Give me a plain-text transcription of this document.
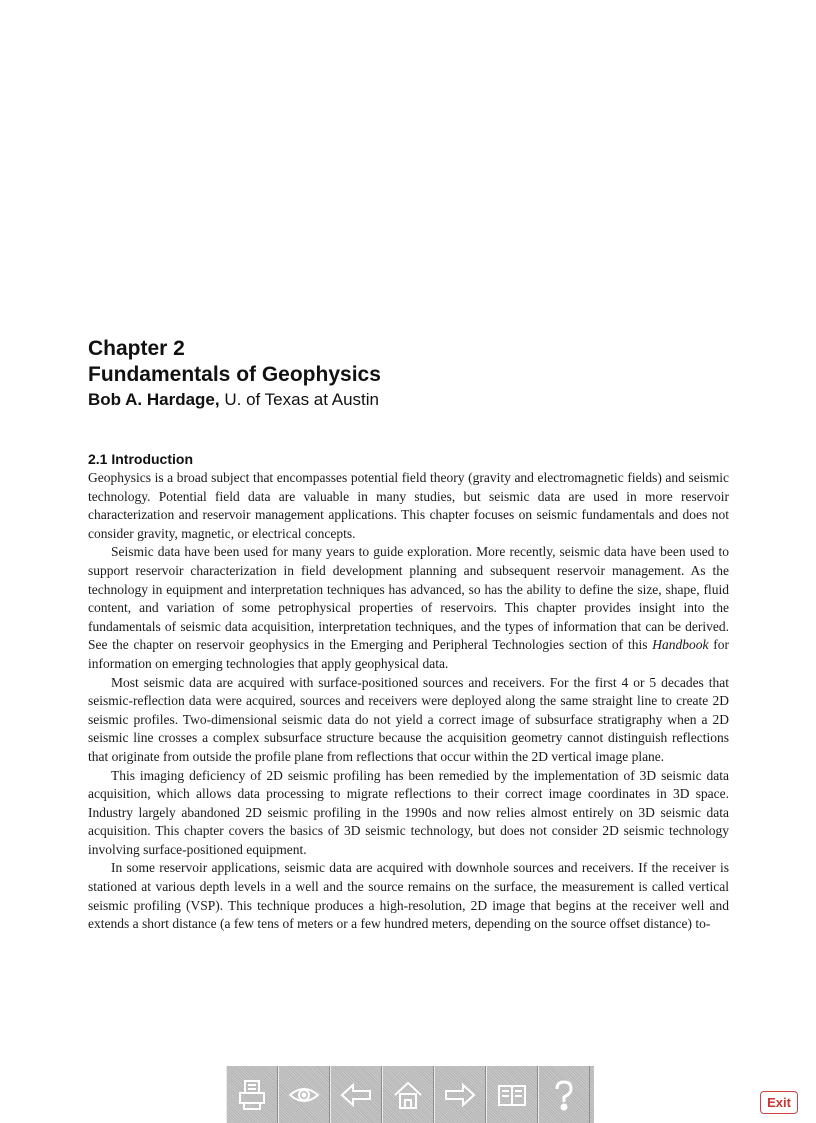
Chapter 2
Fundamentals of Geophysics
Bob A. Hardage, U. of Texas at Austin
2.1 Introduction

Geophysics is a broad subject that encompasses potential field theory (gravity and electromagnetic fields) and seismic technology. Potential field data are valuable in many studies, but seismic data are used in more reservoir characterization and reservoir management applications. This chapter focuses on seismic fundamentals and does not consider gravity, magnetic, or electrical concepts.

Seismic data have been used for many years to guide exploration. More recently, seismic data have been used to support reservoir characterization in field development planning and subsequent reservoir management. As the technology in equipment and interpretation techniques has advanced, so has the ability to define the size, shape, fluid content, and variation of some petrophysical properties of reservoirs. This chapter provides insight into the fundamentals of seismic data acquisition, interpretation techniques, and the types of information that can be derived. See the chapter on reservoir geophysics in the Emerging and Peripheral Technologies section of this Handbook for information on emerging technologies that apply geophysical data.

Most seismic data are acquired with surface-positioned sources and receivers. For the first 4 or 5 decades that seismic-reflection data were acquired, sources and receivers were deployed along the same straight line to create 2D seismic profiles. Two-dimensional seismic data do not yield a correct image of subsurface stratigraphy when a 2D seismic line crosses a complex subsurface structure because the acquisition geometry cannot distinguish reflections that originate from outside the profile plane from reflections that occur within the 2D vertical image plane.

This imaging deficiency of 2D seismic profiling has been remedied by the implementation of 3D seismic data acquisition, which allows data processing to migrate reflections to their correct image coordinates in 3D space. Industry largely abandoned 2D seismic profiling in the 1990s and now relies almost entirely on 3D seismic data acquisition. This chapter covers the basics of 3D seismic technology, but does not consider 2D seismic technology involving surface-positioned equipment.

In some reservoir applications, seismic data are acquired with downhole sources and receivers. If the receiver is stationed at various depth levels in a well and the source remains on the surface, the measurement is called vertical seismic profiling (VSP). This technique produces a high-resolution, 2D image that begins at the receiver well and extends a short distance (a few tens of meters or a few hundred meters, depending on the source offset distance) to-

Exit
